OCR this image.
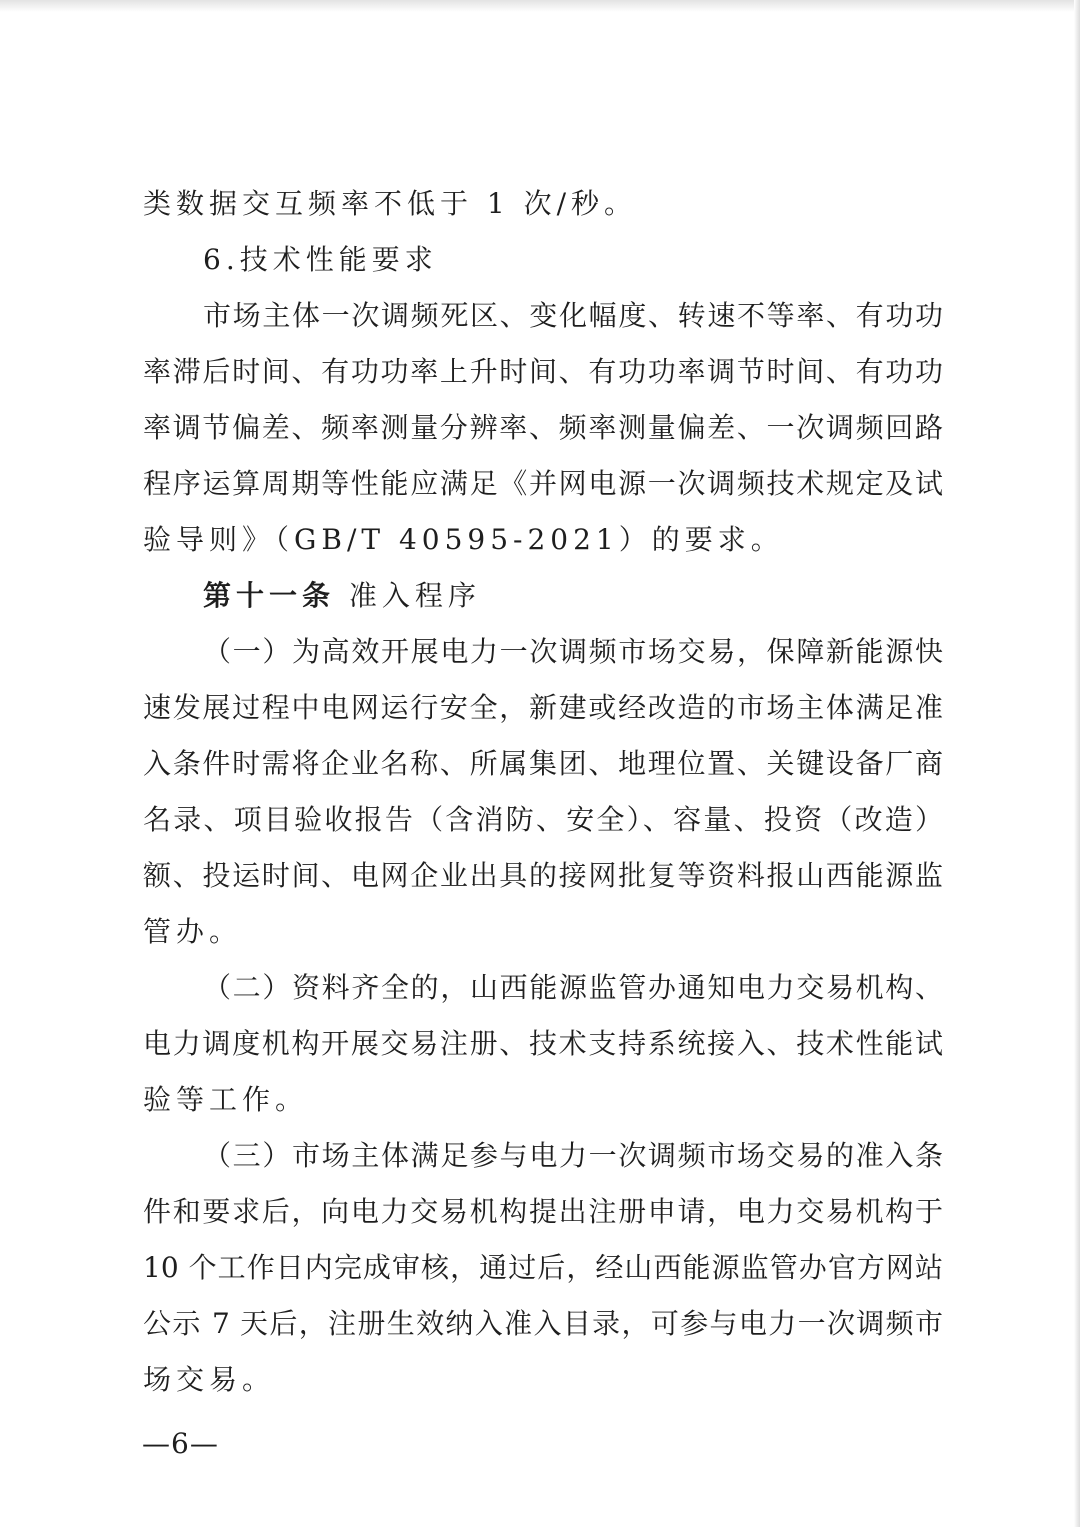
类数据交互频率不低于 1 次/秒。
6.技术性能要求
市场主体一次调频死区、变化幅度、转速不等率、有功功
率滞后时间、有功功率上升时间、有功功率调节时间、有功功
率调节偏差、频率测量分辨率、频率测量偏差、一次调频回路
程序运算周期等性能应满足《并网电源一次调频技术规定及试
验导则》（GB/T 40595-2021）的要求。
第十一条 准入程序
（一）为高效开展电力一次调频市场交易，保障新能源快
速发展过程中电网运行安全，新建或经改造的市场主体满足准
入条件时需将企业名称、所属集团、地理位置、关键设备厂商
名录、项目验收报告（含消防、安全）、容量、投资（改造）
额、投运时间、电网企业出具的接网批复等资料报山西能源监
管办。
（二）资料齐全的，山西能源监管办通知电力交易机构、
电力调度机构开展交易注册、技术支持系统接入、技术性能试
验等工作。
（三）市场主体满足参与电力一次调频市场交易的准入条
件和要求后，向电力交易机构提出注册申请，电力交易机构于
10 个工作日内完成审核，通过后，经山西能源监管办官方网站
公示 7 天后，注册生效纳入准入目录，可参与电力一次调频市
场交易。
—6—
